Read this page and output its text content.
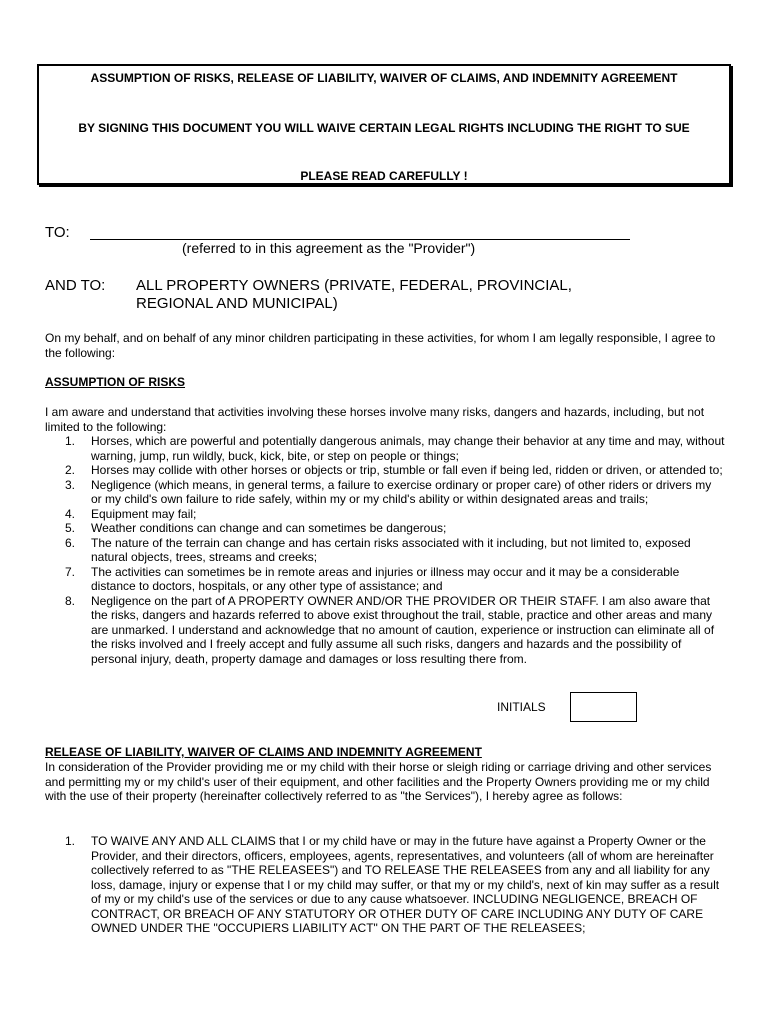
ASSUMPTION OF RISKS, RELEASE OF LIABILITY, WAIVER OF CLAIMS, AND INDEMNITY AGREEMENT
BY SIGNING THIS DOCUMENT YOU WILL WAIVE CERTAIN LEGAL RIGHTS INCLUDING THE RIGHT TO SUE
PLEASE READ CAREFULLY !
TO:
(referred to in this agreement as the "Provider")
AND TO: ALL PROPERTY OWNERS (PRIVATE, FEDERAL, PROVINCIAL, REGIONAL AND MUNICIPAL)
On my behalf, and on behalf of any minor children participating in these activities, for whom I am legally responsible, I agree to the following:
ASSUMPTION OF RISKS
I am aware and understand that activities involving these horses involve many risks, dangers and hazards, including, but not limited to the following:
1. Horses, which are powerful and potentially dangerous animals, may change their behavior at any time and may, without warning, jump, run wildly, buck, kick, bite, or step on people or things;
2. Horses may collide with other horses or objects or trip, stumble or fall even if being led, ridden or driven, or attended to;
3. Negligence (which means, in general terms, a failure to exercise ordinary or proper care) of other riders or drivers my or my child's own failure to ride safely, within my or my child's ability or within designated areas and trails;
4. Equipment may fail;
5. Weather conditions can change and can sometimes be dangerous;
6. The nature of the terrain can change and has certain risks associated with it including, but not limited to, exposed natural objects, trees, streams and creeks;
7. The activities can sometimes be in remote areas and injuries or illness may occur and it may be a considerable distance to doctors, hospitals, or any other type of assistance; and
8. Negligence on the part of A PROPERTY OWNER AND/OR THE PROVIDER OR THEIR STAFF. I am also aware that the risks, dangers and hazards referred to above exist throughout the trail, stable, practice and other areas and many are unmarked. I understand and acknowledge that no amount of caution, experience or instruction can eliminate all of the risks involved and I freely accept and fully assume all such risks, dangers and hazards and the possibility of personal injury, death, property damage and damages or loss resulting there from.
INITIALS
RELEASE OF LIABILITY, WAIVER OF CLAIMS AND INDEMNITY AGREEMENT
In consideration of the Provider providing me or my child with their horse or sleigh riding or carriage driving and other services and permitting my or my child's user of their equipment, and other facilities and the Property Owners providing me or my child with the use of their property (hereinafter collectively referred to as "the Services"), I hereby agree as follows:
1. TO WAIVE ANY AND ALL CLAIMS that I or my child have or may in the future have against a Property Owner or the Provider, and their directors, officers, employees, agents, representatives, and volunteers (all of whom are hereinafter collectively referred to as "THE RELEASEES") and TO RELEASE THE RELEASEES from any and all liability for any loss, damage, injury or expense that I or my child may suffer, or that my or my child's, next of kin may suffer as a result of my or my child's use of the services or due to any cause whatsoever. INCLUDING NEGLIGENCE, BREACH OF CONTRACT, OR BREACH OF ANY STATUTORY OR OTHER DUTY OF CARE INCLUDING ANY DUTY OF CARE OWNED UNDER THE "OCCUPIERS LIABILITY ACT" ON THE PART OF THE RELEASEES;
